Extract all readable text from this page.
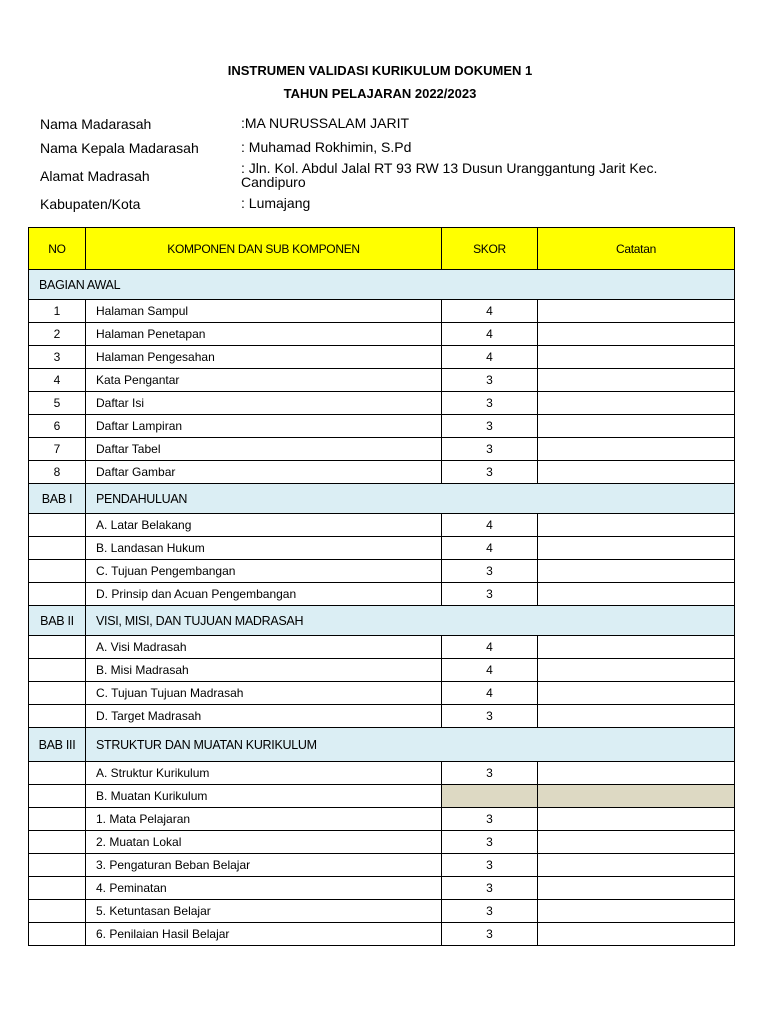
INSTRUMEN VALIDASI KURIKULUM DOKUMEN 1
TAHUN PELAJARAN 2022/2023
Nama Madarasah	:MA NURUSSALAM JARIT
Nama Kepala Madarasah	: Muhamad Rokhimin, S.Pd
Alamat Madrasah	: Jln. Kol. Abdul Jalal RT 93 RW 13 Dusun Uranggantung Jarit Kec. Candipuro
Kabupaten/Kota	: Lumajang
NO	KOMPONEN DAN SUB KOMPONEN	SKOR	Catatan
BAGIAN AWAL			
1	Halaman Sampul	4	
2	Halaman Penetapan	4	
3	Halaman Pengesahan	4	
4	Kata Pengantar	3	
5	Daftar Isi	3	
6	Daftar Lampiran	3	
7	Daftar Tabel	3	
8	Daftar Gambar	3	
BAB I	PENDAHULUAN		
	A. Latar Belakang	4	
	B. Landasan Hukum	4	
	C. Tujuan Pengembangan	3	
	D. Prinsip dan Acuan Pengembangan	3	
BAB II	VISI, MISI, DAN TUJUAN MADRASAH		
	A. Visi Madrasah	4	
	B. Misi Madrasah	4	
	C. Tujuan Tujuan Madrasah	4	
	D. Target Madrasah	3	
BAB III	STRUKTUR DAN MUATAN KURIKULUM		
	A. Struktur Kurikulum	3	
	B. Muatan Kurikulum		
	1. Mata Pelajaran	3	
	2. Muatan Lokal	3	
	3. Pengaturan Beban Belajar	3	
	4. Peminatan	3	
	5. Ketuntasan Belajar	3	
	6. Penilaian Hasil Belajar	3	
